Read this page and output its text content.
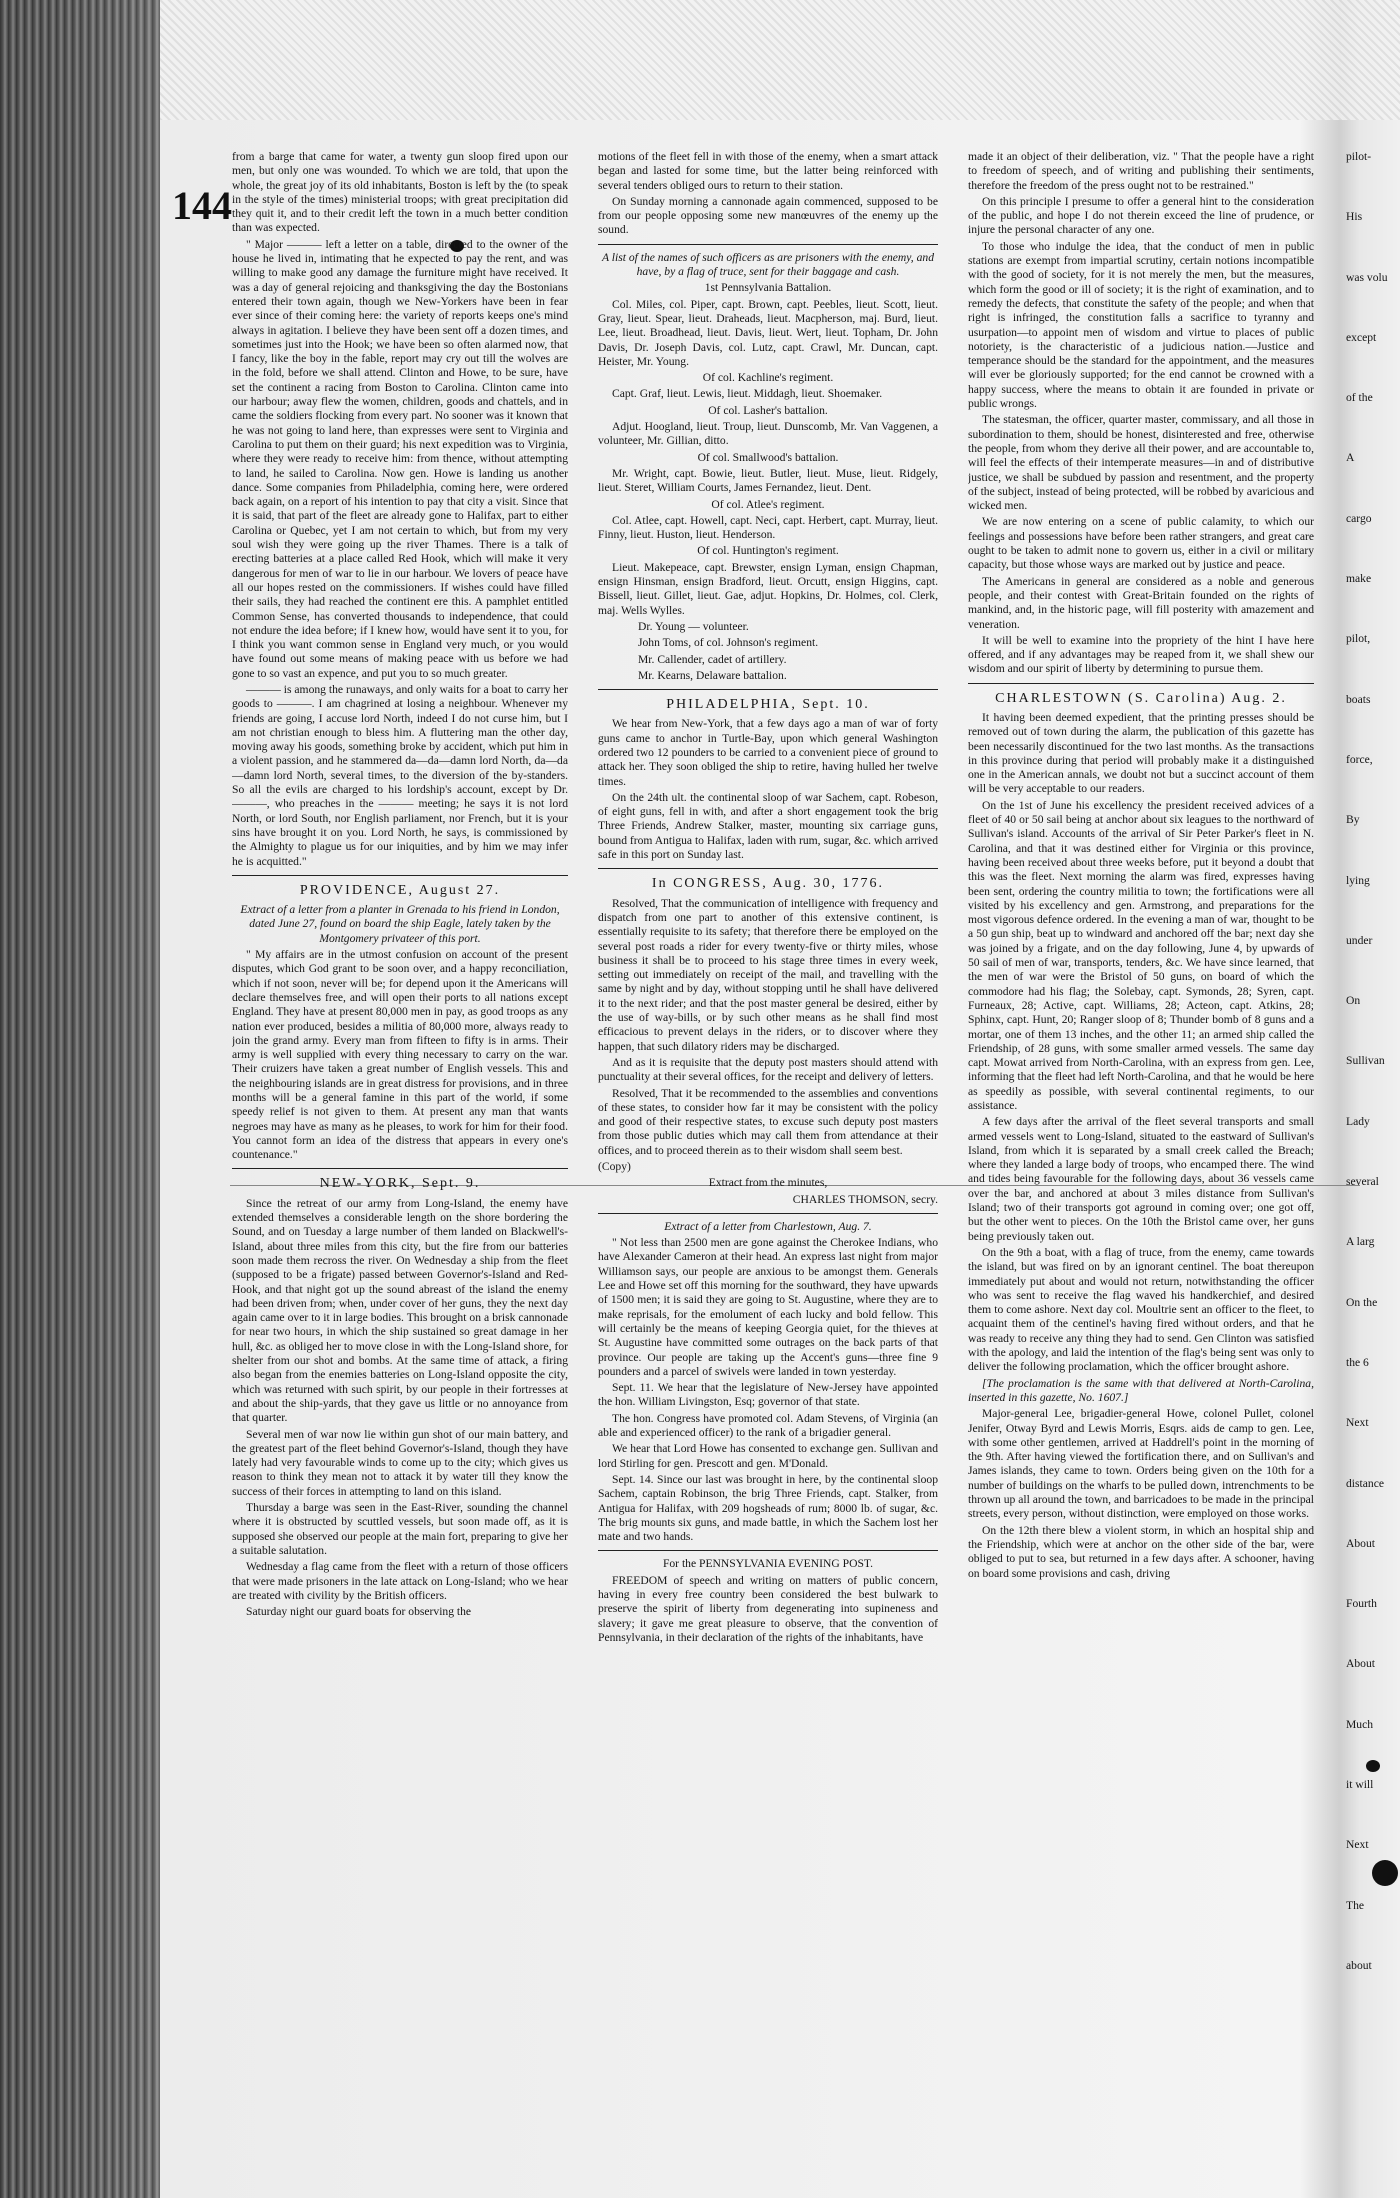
144

from a barge that came for water, a twenty gun sloop fired upon our men, but only one was wounded. To which we are told, that upon the whole, the great joy of its old inhabitants, Boston is left by the (to speak in the style of the times) ministerial troops; with great precipitation did they quit it, and to their credit left the town in a much better condition than was expected.

" Major ——— left a letter on a table, directed to the owner of the house he lived in, intimating that he expected to pay the rent, and was willing to make good any damage the furniture might have received. It was a day of general rejoicing and thanksgiving the day the Bostonians entered their town again, though we New-Yorkers have been in fear ever since of their coming here: the variety of reports keeps one's mind always in agitation. I believe they have been sent off a dozen times, and sometimes just into the Hook; we have been so often alarmed now, that I fancy, like the boy in the fable, report may cry out till the wolves are in the fold, before we shall attend. Clinton and Howe, to be sure, have set the continent a racing from Boston to Carolina. Clinton came into our harbour; away flew the women, children, goods and chattels, and in came the soldiers flocking from every part. No sooner was it known that he was not going to land here, than expresses were sent to Virginia and Carolina to put them on their guard; his next expedition was to Virginia, where they were ready to receive him: from thence, without attempting to land, he sailed to Carolina. Now gen. Howe is landing us another dance. Some companies from Philadelphia, coming here, were ordered back again, on a report of his intention to pay that city a visit. Since that it is said, that part of the fleet are already gone to Halifax, part to either Carolina or Quebec, yet I am not certain to which, but from my very soul wish they were going up the river Thames. There is a talk of erecting batteries at a place called Red Hook, which will make it very dangerous for men of war to lie in our harbour. We lovers of peace have all our hopes rested on the commissioners. If wishes could have filled their sails, they had reached the continent ere this. A pamphlet entitled Common Sense, has converted thousands to independence, that could not endure the idea before; if I knew how, would have sent it to you, for I think you want common sense in England very much, or you would have found out some means of making peace with us before we had gone to so vast an expence, and put you to so much greater.

——— is among the runaways, and only waits for a boat to carry her goods to ———. I am chagrined at losing a neighbour. Whenever my friends are going, I accuse lord North, indeed I do not curse him, but I am not christian enough to bless him. A fluttering man the other day, moving away his goods, something broke by accident, which put him in a violent passion, and he stammered da—da—damn lord North, da—da—damn lord North, several times, to the diversion of the by-standers. So all the evils are charged to his lordship's account, except by Dr. ———, who preaches in the ——— meeting; he says it is not lord North, or lord South, nor English parliament, nor French, but it is your sins have brought it on you. Lord North, he says, is commissioned by the Almighty to plague us for our iniquities, and by him we may infer he is acquitted."

PROVIDENCE, August 27.

Extract of a letter from a planter in Grenada to his friend in London, dated June 27, found on board the ship Eagle, lately taken by the Montgomery privateer of this port.

" My affairs are in the utmost confusion on account of the present disputes, which God grant to be soon over, and a happy reconciliation, which if not soon, never will be; for depend upon it the Americans will declare themselves free, and will open their ports to all nations except England. They have at present 80,000 men in pay, as good troops as any nation ever produced, besides a militia of 80,000 more, always ready to join the grand army. Every man from fifteen to fifty is in arms. Their army is well supplied with every thing necessary to carry on the war. Their cruizers have taken a great number of English vessels. This and the neighbouring islands are in great distress for provisions, and in three months will be a general famine in this part of the world, if some speedy relief is not given to them. At present any man that wants negroes may have as many as he pleases, to work for him for their food. You cannot form an idea of the distress that appears in every one's countenance."

NEW-YORK, Sept. 9.

Since the retreat of our army from Long-Island, the enemy have extended themselves a considerable length on the shore bordering the Sound, and on Tuesday a large number of them landed on Blackwell's-Island, about three miles from this city, but the fire from our batteries soon made them recross the river. On Wednesday a ship from the fleet (supposed to be a frigate) passed between Governor's-Island and Red-Hook, and that night got up the sound abreast of the island the enemy had been driven from; when, under cover of her guns, they the next day again came over to it in large bodies. This brought on a brisk cannonade for near two hours, in which the ship sustained so great damage in her hull, &c. as obliged her to move close in with the Long-Island shore, for shelter from our shot and bombs. At the same time of attack, a firing also began from the enemies batteries on Long-Island opposite the city, which was returned with such spirit, by our people in their fortresses at and about the ship-yards, that they gave us little or no annoyance from that quarter.

Several men of war now lie within gun shot of our main battery, and the greatest part of the fleet behind Governor's-Island, though they have lately had very favourable winds to come up to the city; which gives us reason to think they mean not to attack it by water till they know the success of their forces in attempting to land on this island.

Thursday a barge was seen in the East-River, sounding the channel where it is obstructed by scuttled vessels, but soon made off, as it is supposed she observed our people at the main fort, preparing to give her a suitable salutation.

Wednesday a flag came from the fleet with a return of those officers that were made prisoners in the late attack on Long-Island; who we hear are treated with civility by the British officers.

Saturday night our guard boats for observing the

motions of the fleet fell in with those of the enemy, when a smart attack began and lasted for some time, but the latter being reinforced with several tenders obliged ours to return to their station.

On Sunday morning a cannonade again commenced, supposed to be from our people opposing some new manœuvres of the enemy up the sound.

A list of the names of such officers as are prisoners with the enemy, and have, by a flag of truce, sent for their baggage and cash.

1st Pennsylvania Battalion.

Col. Miles, col. Piper, capt. Brown, capt. Peebles, lieut. Scott, lieut. Gray, lieut. Spear, lieut. Draheads, lieut. Macpherson, maj. Burd, lieut. Lee, lieut. Broadhead, lieut. Davis, lieut. Wert, lieut. Topham, Dr. John Davis, Dr. Joseph Davis, col. Lutz, capt. Crawl, Mr. Duncan, capt. Heister, Mr. Young.

Of col. Kachline's regiment.

Capt. Graf, lieut. Lewis, lieut. Middagh, lieut. Shoemaker.

Of col. Lasher's battalion.

Adjut. Hoogland, lieut. Troup, lieut. Dunscomb, Mr. Van Vaggenen, a volunteer, Mr. Gillian, ditto.

Of col. Smallwood's battalion.

Mr. Wright, capt. Bowie, lieut. Butler, lieut. Muse, lieut. Ridgely, lieut. Steret, William Courts, James Fernandez, lieut. Dent.

Of col. Atlee's regiment.

Col. Atlee, capt. Howell, capt. Neci, capt. Herbert, capt. Murray, lieut. Finny, lieut. Huston, lieut. Henderson.

Of col. Huntington's regiment.

Lieut. Makepeace, capt. Brewster, ensign Lyman, ensign Chapman, ensign Hinsman, ensign Bradford, lieut. Orcutt, ensign Higgins, capt. Bissell, lieut. Gillet, lieut. Gae, adjut. Hopkins, Dr. Holmes, col. Clerk, maj. Wells Wylles.

Dr. Young — volunteer.

John Toms, of col. Johnson's regiment.

Mr. Callender, cadet of artillery.

Mr. Kearns, Delaware battalion.

PHILADELPHIA, Sept. 10.

We hear from New-York, that a few days ago a man of war of forty guns came to anchor in Turtle-Bay, upon which general Washington ordered two 12 pounders to be carried to a convenient piece of ground to attack her. They soon obliged the ship to retire, having hulled her twelve times.

On the 24th ult. the continental sloop of war Sachem, capt. Robeson, of eight guns, fell in with, and after a short engagement took the brig Three Friends, Andrew Stalker, master, mounting six carriage guns, bound from Antigua to Halifax, laden with rum, sugar, &c. which arrived safe in this port on Sunday last.

In CONGRESS, Aug. 30, 1776.

Resolved, That the communication of intelligence with frequency and dispatch from one part to another of this extensive continent, is essentially requisite to its safety; that therefore there be employed on the several post roads a rider for every twenty-five or thirty miles, whose business it shall be to proceed to his stage three times in every week, setting out immediately on receipt of the mail, and travelling with the same by night and by day, without stopping until he shall have delivered it to the next rider; and that the post master general be desired, either by the use of way-bills, or by such other means as he shall find most efficacious to prevent delays in the riders, or to discover where they happen, that such dilatory riders may be discharged.

And as it is requisite that the deputy post masters should attend with punctuality at their several offices, for the receipt and delivery of letters.

Resolved, That it be recommended to the assemblies and conventions of these states, to consider how far it may be consistent with the policy and good of their respective states, to excuse such deputy post masters from those public duties which may call them from attendance at their offices, and to proceed therein as to their wisdom shall seem best.

(Copy)

Extract from the minutes,

CHARLES THOMSON, secry.

Extract of a letter from Charlestown, Aug. 7.

" Not less than 2500 men are gone against the Cherokee Indians, who have Alexander Cameron at their head. An express last night from major Williamson says, our people are anxious to be amongst them. Generals Lee and Howe set off this morning for the southward, they have upwards of 1500 men; it is said they are going to St. Augustine, where they are to make reprisals, for the emolument of each lucky and bold fellow. This will certainly be the means of keeping Georgia quiet, for the thieves at St. Augustine have committed some outrages on the back parts of that province. Our people are taking up the Accent's guns—three fine 9 pounders and a parcel of swivels were landed in town yesterday.

Sept. 11. We hear that the legislature of New-Jersey have appointed the hon. William Livingston, Esq; governor of that state.

The hon. Congress have promoted col. Adam Stevens, of Virginia (an able and experienced officer) to the rank of a brigadier general.

We hear that Lord Howe has consented to exchange gen. Sullivan and lord Stirling for gen. Prescott and gen. M'Donald.

Sept. 14. Since our last was brought in here, by the continental sloop Sachem, captain Robinson, the brig Three Friends, capt. Stalker, from Antigua for Halifax, with 209 hogsheads of rum; 8000 lb. of sugar, &c. The brig mounts six guns, and made battle, in which the Sachem lost her mate and two hands.

For the PENNSYLVANIA EVENING POST.

FREEDOM of speech and writing on matters of public concern, having in every free country been considered the best bulwark to preserve the spirit of liberty from degenerating into supineness and slavery; it gave me great pleasure to observe, that the convention of Pennsylvania, in their declaration of the rights of the inhabitants, have

made it an object of their deliberation, viz. " That the people have a right to freedom of speech, and of writing and publishing their sentiments, therefore the freedom of the press ought not to be restrained."

On this principle I presume to offer a general hint to the consideration of the public, and hope I do not therein exceed the line of prudence, or injure the personal character of any one.

To those who indulge the idea, that the conduct of men in public stations are exempt from impartial scrutiny, certain notions incompatible with the good of society, for it is not merely the men, but the measures, which form the good or ill of society; it is the right of examination, and to remedy the defects, that constitute the safety of the people; and when that right is infringed, the constitution falls a sacrifice to tyranny and usurpation—to appoint men of wisdom and virtue to places of public notoriety, is the characteristic of a judicious nation.—Justice and temperance should be the standard for the appointment, and the measures will ever be gloriously supported; for the end cannot be crowned with a happy success, where the means to obtain it are founded in private or public wrongs.

The statesman, the officer, quarter master, commissary, and all those in subordination to them, should be honest, disinterested and free, otherwise the people, from whom they derive all their power, and are accountable to, will feel the effects of their intemperate measures—in and of distributive justice, we shall be subdued by passion and resentment, and the property of the subject, instead of being protected, will be robbed by avaricious and wicked men.

We are now entering on a scene of public calamity, to which our feelings and possessions have before been rather strangers, and great care ought to be taken to admit none to govern us, either in a civil or military capacity, but those whose ways are marked out by justice and peace.

The Americans in general are considered as a noble and generous people, and their contest with Great-Britain founded on the rights of mankind, and, in the historic page, will fill posterity with amazement and veneration.

It will be well to examine into the propriety of the hint I have here offered, and if any advantages may be reaped from it, we shall shew our wisdom and our spirit of liberty by determining to pursue them.

CHARLESTOWN (S. Carolina) Aug. 2.

It having been deemed expedient, that the printing presses should be removed out of town during the alarm, the publication of this gazette has been necessarily discontinued for the two last months. As the transactions in this province during that period will probably make it a distinguished one in the American annals, we doubt not but a succinct account of them will be very acceptable to our readers.

On the 1st of June his excellency the president received advices of a fleet of 40 or 50 sail being at anchor about six leagues to the northward of Sullivan's island. Accounts of the arrival of Sir Peter Parker's fleet in N. Carolina, and that it was destined either for Virginia or this province, having been received about three weeks before, put it beyond a doubt that this was the fleet. Next morning the alarm was fired, expresses having been sent, ordering the country militia to town; the fortifications were all visited by his excellency and gen. Armstrong, and preparations for the most vigorous defence ordered. In the evening a man of war, thought to be a 50 gun ship, beat up to windward and anchored off the bar; next day she was joined by a frigate, and on the day following, June 4, by upwards of 50 sail of men of war, transports, tenders, &c. We have since learned, that the men of war were the Bristol of 50 guns, on board of which the commodore had his flag; the Solebay, capt. Symonds, 28; Syren, capt. Furneaux, 28; Active, capt. Williams, 28; Acteon, capt. Atkins, 28; Sphinx, capt. Hunt, 20; Ranger sloop of 8; Thunder bomb of 8 guns and a mortar, one of them 13 inches, and the other 11; an armed ship called the Friendship, of 28 guns, with some smaller armed vessels. The same day capt. Mowat arrived from North-Carolina, with an express from gen. Lee, informing that the fleet had left North-Carolina, and that he would be here as speedily as possible, with several continental regiments, to our assistance.

A few days after the arrival of the fleet several transports and small armed vessels went to Long-Island, situated to the eastward of Sullivan's Island, from which it is separated by a small creek called the Breach; where they landed a large body of troops, who encamped there. The wind and tides being favourable for the following days, about 36 vessels came over the bar, and anchored at about 3 miles distance from Sullivan's Island; two of their transports got aground in coming over; one got off, but the other went to pieces. On the 10th the Bristol came over, her guns being previously taken out.

On the 9th a boat, with a flag of truce, from the enemy, came towards the island, but was fired on by an ignorant centinel. The boat thereupon immediately put about and would not return, notwithstanding the officer who was sent to receive the flag waved his handkerchief, and desired them to come ashore. Next day col. Moultrie sent an officer to the fleet, to acquaint them of the centinel's having fired without orders, and that he was ready to receive any thing they had to send. Gen Clinton was satisfied with the apology, and laid the intention of the flag's being sent was only to deliver the following proclamation, which the officer brought ashore.

[The proclamation is the same with that delivered at North-Carolina, inserted in this gazette, No. 1607.]

Major-general Lee, brigadier-general Howe, colonel Pullet, colonel Jenifer, Otway Byrd and Lewis Morris, Esqrs. aids de camp to gen. Lee, with some other gentlemen, arrived at Haddrell's point in the morning of the 9th. After having viewed the fortification there, and on Sullivan's and James islands, they came to town. Orders being given on the 10th for a number of buildings on the wharfs to be pulled down, intrenchments to be thrown up all around the town, and barricadoes to be made in the principal streets, every person, without distinction, were employed on those works.

On the 12th there blew a violent storm, in which an hospital ship and the Friendship, which were at anchor on the other side of the bar, were obliged to put to sea, but returned in a few days after. A schooner, having on board some provisions and cash, driving

pilot-
His
was volu
except
of the
A
cargo
make
pilot,
boats
force,
By
lying
under
On
Sullivan
Lady
several
A larg
On the
the 6
Next
distance
About
Fourth
About
Much
it will
Next
The
about
